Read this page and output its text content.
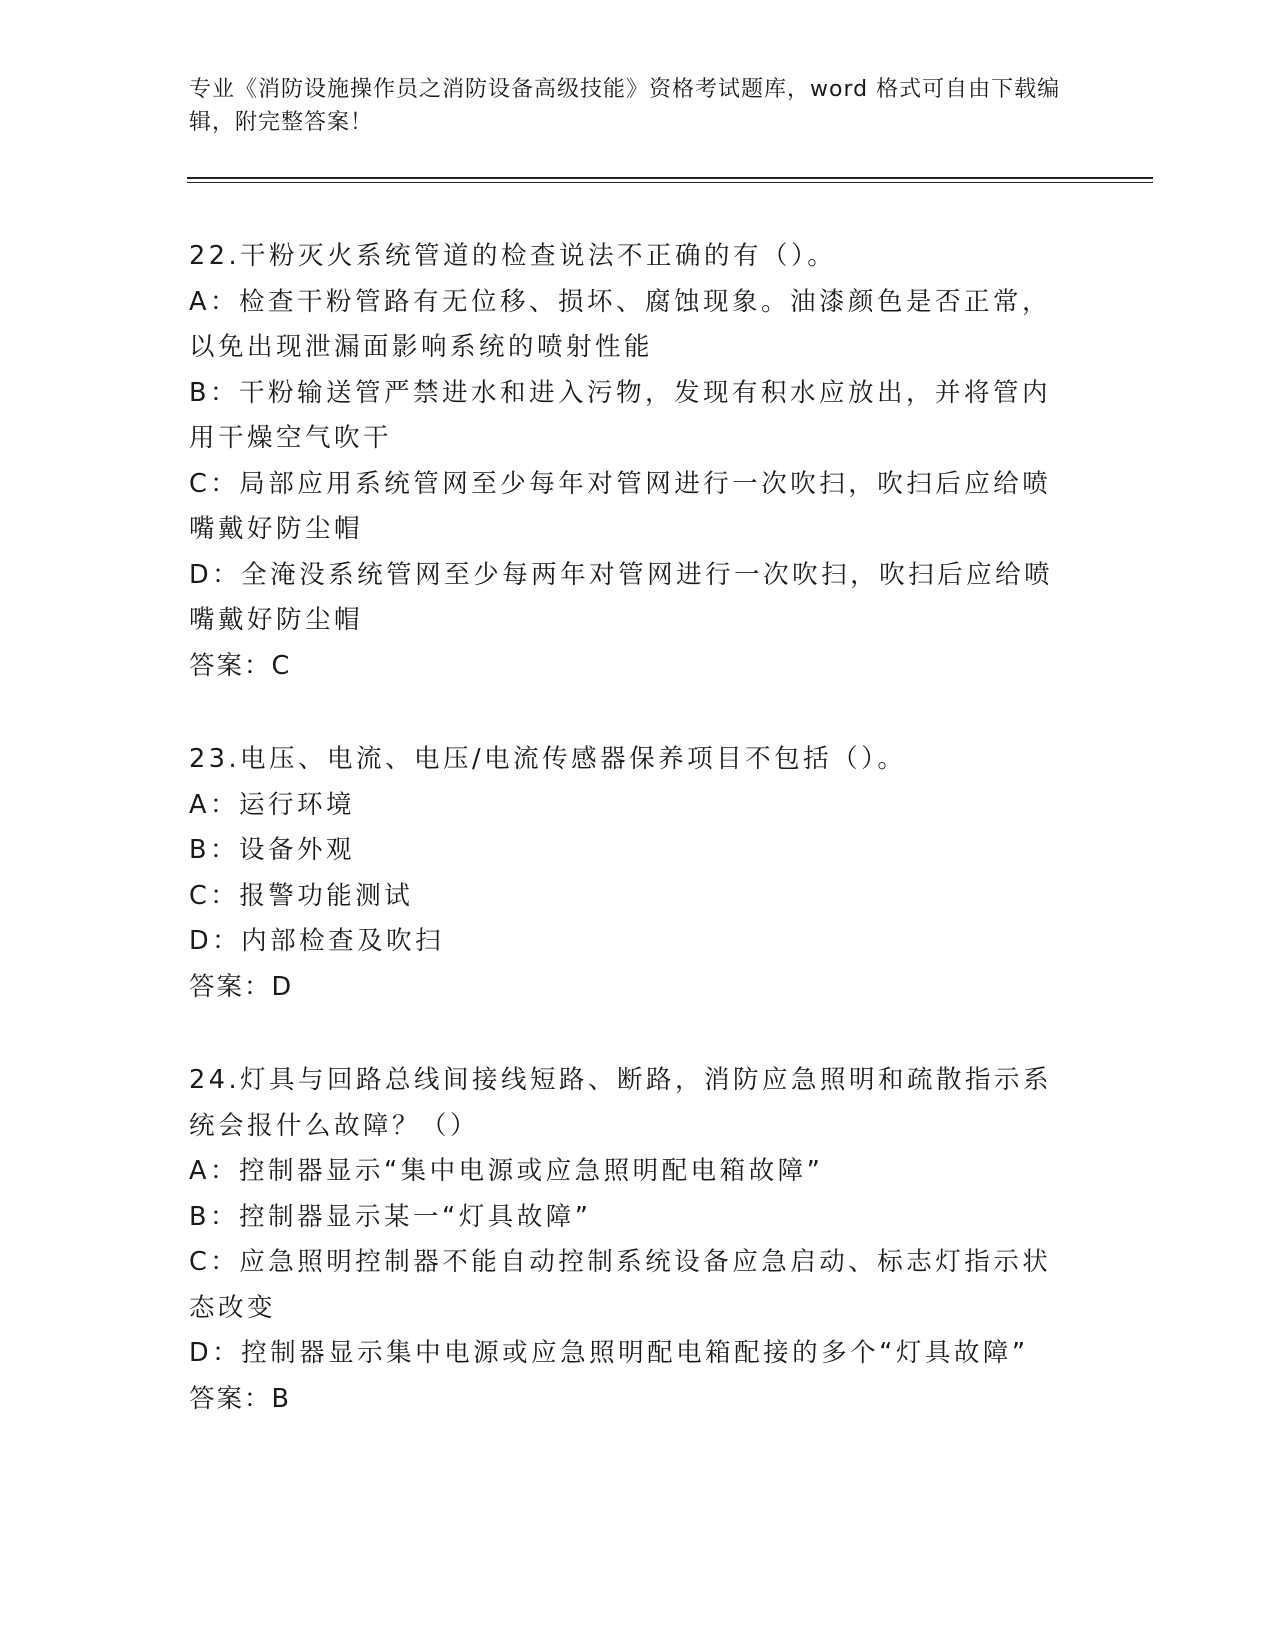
专业《消防设施操作员之消防设备高级技能》资格考试题库，word 格式可自由下载编辑，附完整答案！

22.干粉灭火系统管道的检查说法不正确的有（）。

A：检查干粉管路有无位移、损坏、腐蚀现象。油漆颜色是否正常，以免出现泄漏面影响系统的喷射性能

B：干粉输送管严禁进水和进入污物，发现有积水应放出，并将管内用干燥空气吹干

C：局部应用系统管网至少每年对管网进行一次吹扫，吹扫后应给喷嘴戴好防尘帽

D：全淹没系统管网至少每两年对管网进行一次吹扫，吹扫后应给喷嘴戴好防尘帽

答案：C

23.电压、电流、电压/电流传感器保养项目不包括（）。

A：运行环境

B：设备外观

C：报警功能测试

D：内部检查及吹扫

答案：D

24.灯具与回路总线间接线短路、断路，消防应急照明和疏散指示系统会报什么故障？（）

A：控制器显示“集中电源或应急照明配电箱故障”

B：控制器显示某一“灯具故障”

C：应急照明控制器不能自动控制系统设备应急启动、标志灯指示状态改变

D：控制器显示集中电源或应急照明配电箱配接的多个“灯具故障”

答案：B
